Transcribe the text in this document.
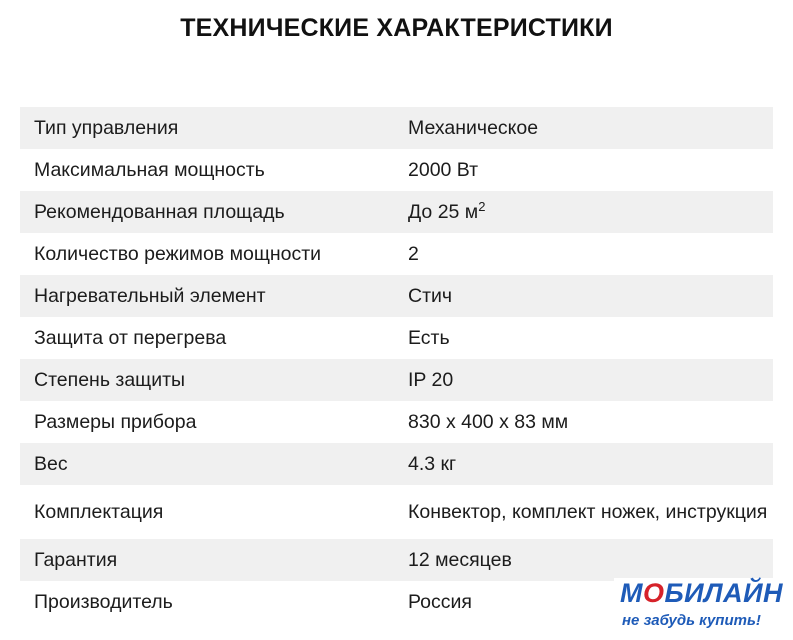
ТЕХНИЧЕСКИЕ ХАРАКТЕРИСТИКИ
Тип управления	Механическое
Максимальная мощность	2000 Вт
Рекомендованная площадь	До 25 $м^2$
Количество режимов мощности	2
Нагревательный элемент	Стич
Защита от перегрева	Есть
Степень защиты	IP 20
Размеры прибора	830 х 400 х 83 мм
Вес	4.3 кг
Комплектация	Конвектор, комплект ножек, инструкция
Гарантия	12 месяцев
Производитель	Россия	МОБИЛАЙН
не забудь купить!
